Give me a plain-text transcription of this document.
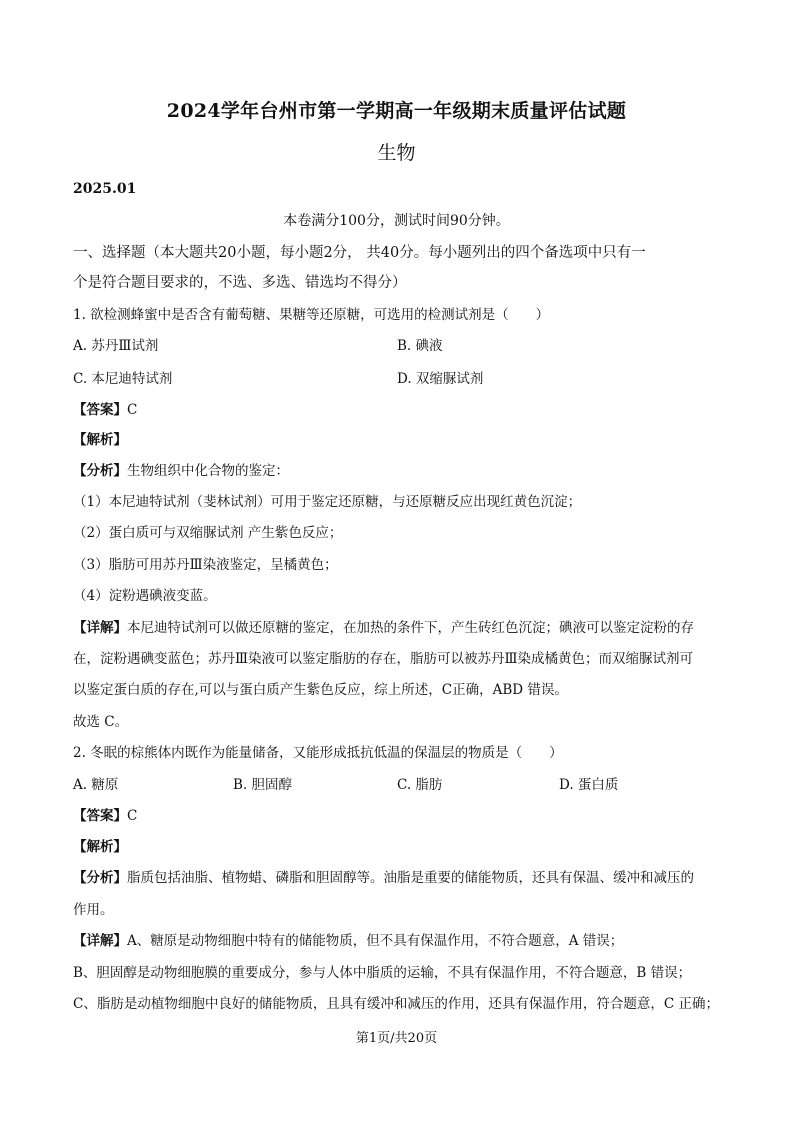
2024学年台州市第一学期高一年级期末质量评估试题
生物
2025.01
本卷满分100分，测试时间90分钟。
一、选择题（本大题共20小题，每小题2分， 共40分。每小题列出的四个备选项中只有一
个是符合题目要求的，不选、多选、错选均不得分）
1. 欲检测蜂蜜中是否含有葡萄糖、果糖等还原糖，可选用的检测试剂是（　　）
A. 苏丹Ⅲ试剂	B. 碘液
C. 本尼迪特试剂	D. 双缩脲试剂
【答案】C
【解析】
【分析】生物组织中化合物的鉴定：
（1）本尼迪特试剂（斐林试剂）可用于鉴定还原糖，与还原糖反应出现红黄色沉淀；
（2）蛋白质可与双缩脲试剂 产生紫色反应；
（3）脂肪可用苏丹Ⅲ染液鉴定，呈橘黄色；
（4）淀粉遇碘液变蓝。
【详解】本尼迪特试剂可以做还原糖的鉴定，在加热的条件下，产生砖红色沉淀；碘液可以鉴定淀粉的存
在，淀粉遇碘变蓝色；苏丹Ⅲ染液可以鉴定脂肪的存在，脂肪可以被苏丹Ⅲ染成橘黄色；而双缩脲试剂可
以鉴定蛋白质的存在,可以与蛋白质产生紫色反应，综上所述，C正确，ABD 错误。
故选 C。
2. 冬眠的棕熊体内既作为能量储备，又能形成抵抗低温的保温层的物质是（　　）
A. 糖原	B. 胆固醇	C. 脂肪	D. 蛋白质
【答案】C
【解析】
【分析】脂质包括油脂、植物蜡、磷脂和胆固醇等。油脂是重要的储能物质，还具有保温、缓冲和减压的
作用。
【详解】A、糖原是动物细胞中特有的储能物质，但不具有保温作用，不符合题意，A 错误；
B、胆固醇是动物细胞膜的重要成分，参与人体中脂质的运输，不具有保温作用，不符合题意，B 错误；
C、脂肪是动植物细胞中良好的储能物质，且具有缓冲和减压的作用，还具有保温作用，符合题意，C 正确；
第1页/共20页
